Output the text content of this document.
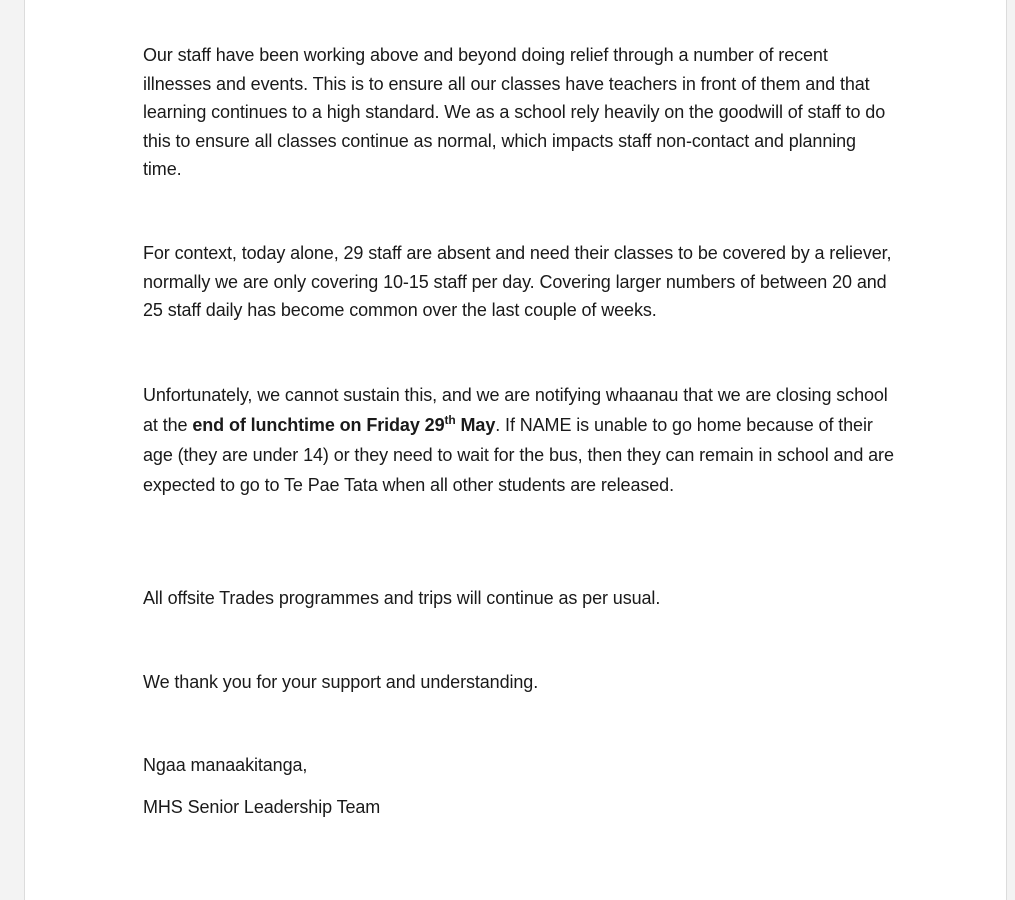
Our staff have been working above and beyond doing relief through a number of recent illnesses and events. This is to ensure all our classes have teachers in front of them and that learning continues to a high standard. We as a school rely heavily on the goodwill of staff to do this to ensure all classes continue as normal, which impacts staff non-contact and planning time.

For context, today alone, 29 staff are absent and need their classes to be covered by a reliever, normally we are only covering 10-15 staff per day. Covering larger numbers of between 20 and 25 staff daily has become common over the last couple of weeks.

Unfortunately, we cannot sustain this, and we are notifying whaanau that we are closing school at the end of lunchtime on Friday 29th May. If NAME is unable to go home because of their age (they are under 14) or they need to wait for the bus, then they can remain in school and are expected to go to Te Pae Tata when all other students are released.

All offsite Trades programmes and trips will continue as per usual.

We thank you for your support and understanding.

Ngaa manaakitanga,

MHS Senior Leadership Team
